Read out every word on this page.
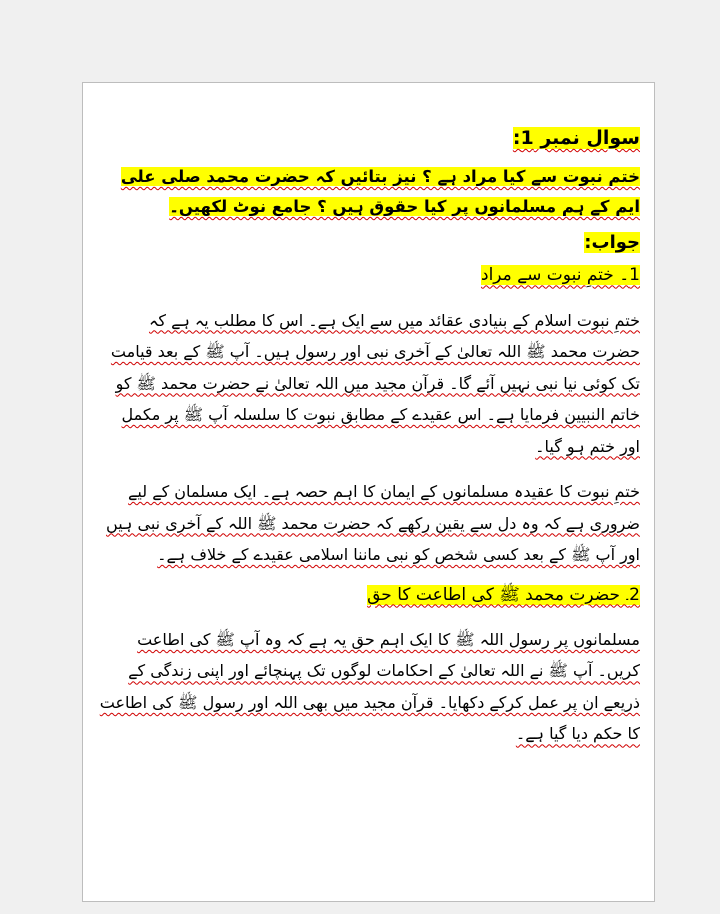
سوال نمبر 1:
ختم نبوت سے کیا مراد ہے ؟ نیز بتائیں کہ حضرت محمد صلی علی ایم کے ہم مسلمانوں پر کیا حقوق ہیں ؟ جامع نوٹ لکھیں۔
جواب:
1۔ ختمِ نبوت سے مراد

ختمِ نبوت اسلام کے بنیادی عقائد میں سے ایک ہے۔ اس کا مطلب یہ ہے کہ حضرت محمد ﷺ اللہ تعالیٰ کے آخری نبی اور رسول ہیں۔ آپ ﷺ کے بعد قیامت تک کوئی نیا نبی نہیں آئے گا۔ قرآن مجید میں اللہ تعالیٰ نے حضرت محمد ﷺ کو خاتم النبیین فرمایا ہے۔ اس عقیدے کے مطابق نبوت کا سلسلہ آپ ﷺ پر مکمل اور ختم ہو گیا۔

ختمِ نبوت کا عقیدہ مسلمانوں کے ایمان کا اہم حصہ ہے۔ ایک مسلمان کے لیے ضروری ہے کہ وہ دل سے یقین رکھے کہ حضرت محمد ﷺ اللہ کے آخری نبی ہیں اور آپ ﷺ کے بعد کسی شخص کو نبی ماننا اسلامی عقیدے کے خلاف ہے۔

2۔ حضرت محمد ﷺ کی اطاعت کا حق

مسلمانوں پر رسول اللہ ﷺ کا ایک اہم حق یہ ہے کہ وہ آپ ﷺ کی اطاعت کریں۔ آپ ﷺ نے اللہ تعالیٰ کے احکامات لوگوں تک پہنچائے اور اپنی زندگی کے ذریعے ان پر عمل کرکے دکھایا۔ قرآن مجید میں بھی اللہ اور رسول ﷺ کی اطاعت کا حکم دیا گیا ہے۔
